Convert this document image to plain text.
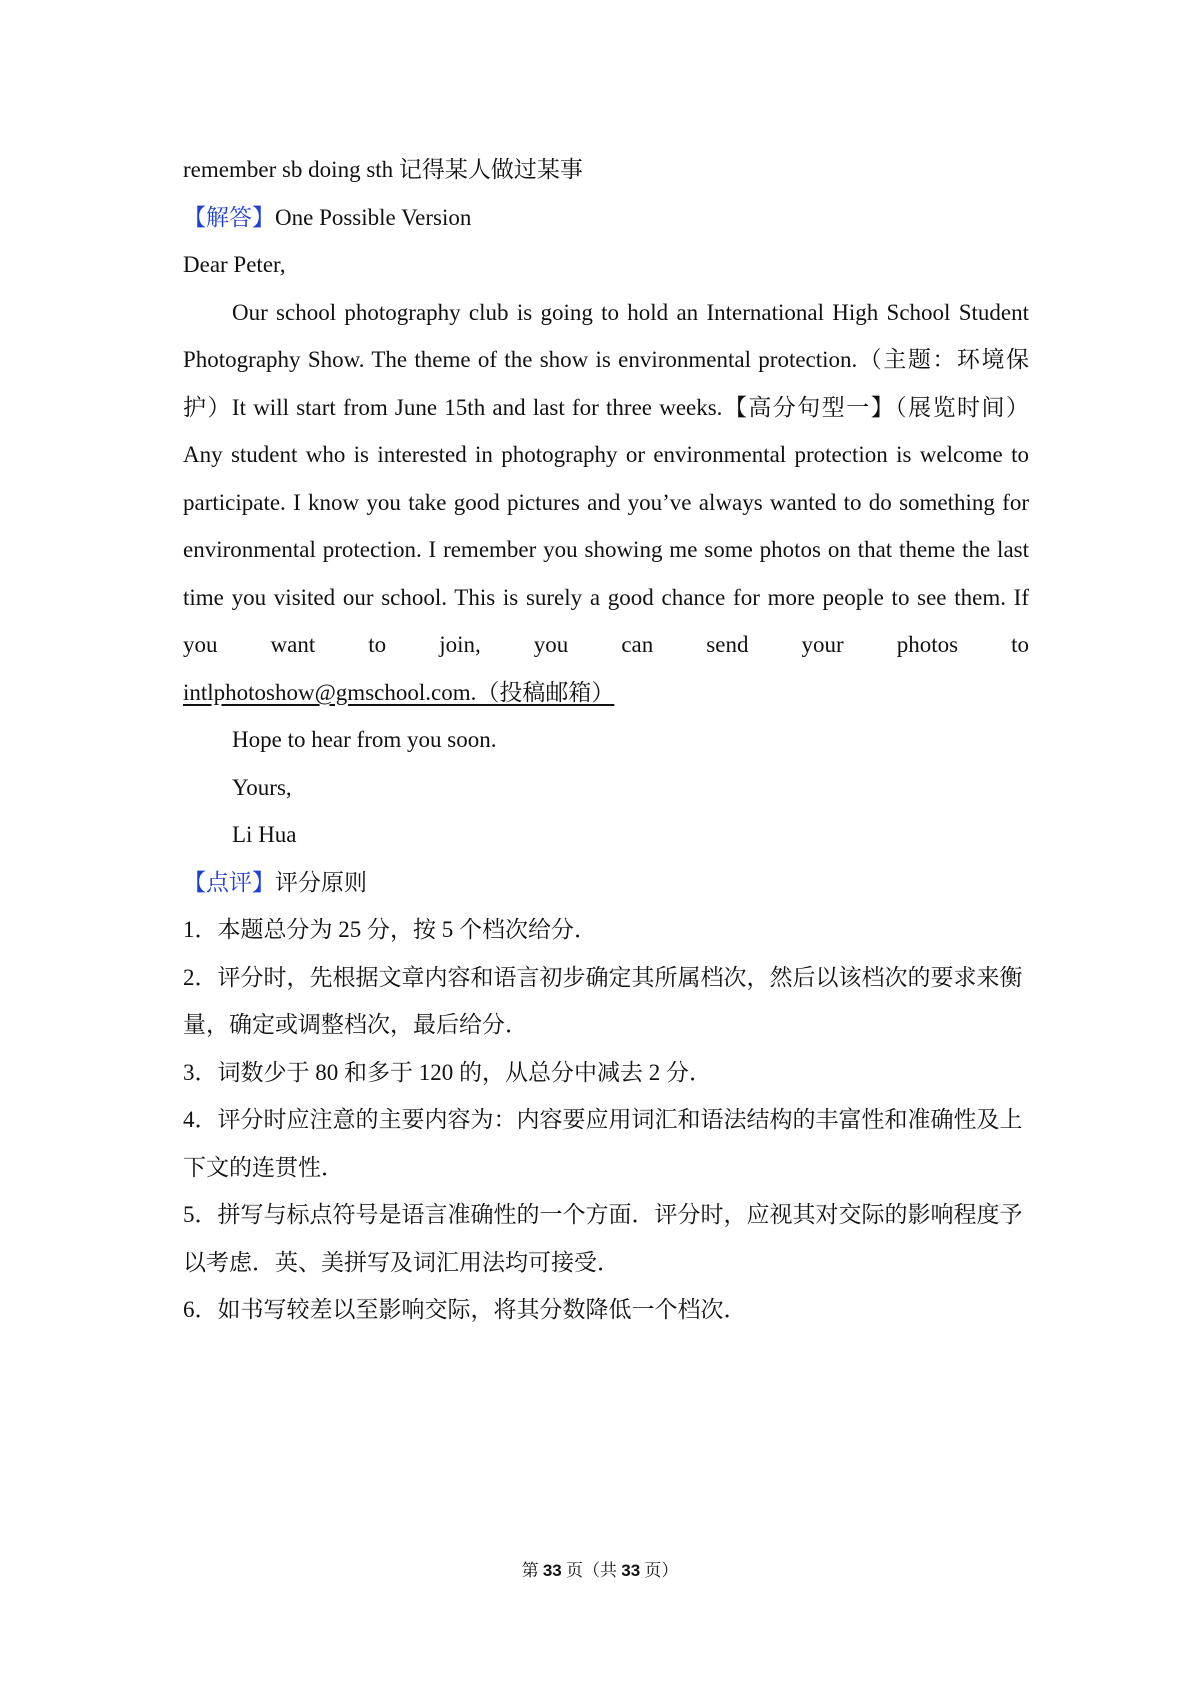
remember sb doing sth 记得某人做过某事
【解答】One Possible Version
Dear Peter,
Our school photography club is going to hold an International High School Student Photography Show. The theme of the show is environmental protection.（主题：环境保护）It will start from June 15th and last for three weeks.【高分句型一】（展览时间）Any student who is interested in photography or environmental protection is welcome to participate. I know you take good pictures and you’ve always wanted to do something for environmental protection. I remember you showing me some photos on that theme the last time you visited our school. This is surely a good chance for more people to see them. If you want to join, you can send your photos to intlphotoshow@gmschool.com.（投稿邮箱）
Hope to hear from you soon.
Yours,
Li Hua
【点评】评分原则
1．本题总分为 25 分，按 5 个档次给分．
2．评分时，先根据文章内容和语言初步确定其所属档次，然后以该档次的要求来衡量，确定或调整档次，最后给分．
3．词数少于 80 和多于 120 的，从总分中减去 2 分．
4．评分时应注意的主要内容为：内容要应用词汇和语法结构的丰富性和准确性及上下文的连贯性．
5．拼写与标点符号是语言准确性的一个方面．评分时，应视其对交际的影响程度予以考虑．英、美拼写及词汇用法均可接受．
6．如书写较差以至影响交际，将其分数降低一个档次．
第 33 页（共 33 页）
